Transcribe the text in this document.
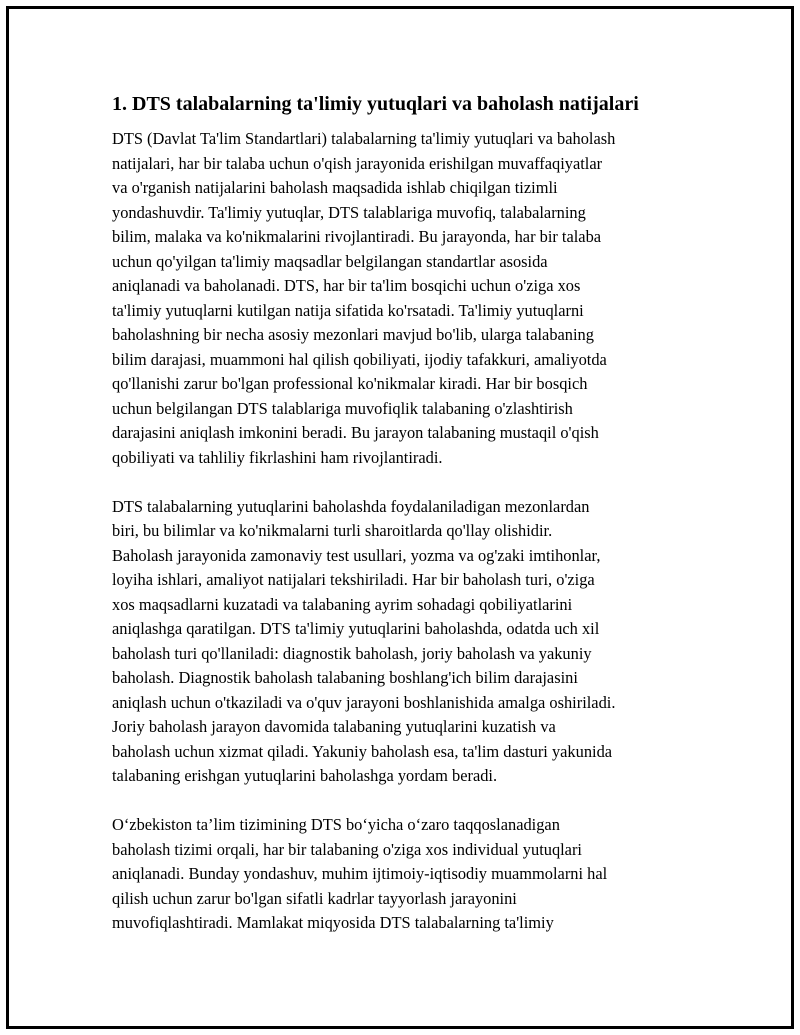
1. DTS talabalarning ta'limiy yutuqlari va baholash natijalari
DTS (Davlat Ta'lim Standartlari) talabalarning ta'limiy yutuqlari va baholash
natijalari, har bir talaba uchun o'qish jarayonida erishilgan muvaffaqiyatlar
va o'rganish natijalarini baholash maqsadida ishlab chiqilgan tizimli
yondashuvdir. Ta'limiy yutuqlar, DTS talablariga muvofiq, talabalarning
bilim, malaka va ko'nikmalarini rivojlantiradi. Bu jarayonda, har bir talaba
uchun qo'yilgan ta'limiy maqsadlar belgilangan standartlar asosida
aniqlanadi va baholanadi. DTS, har bir ta'lim bosqichi uchun o'ziga xos
ta'limiy yutuqlarni kutilgan natija sifatida ko'rsatadi. Ta'limiy yutuqlarni
baholashning bir necha asosiy mezonlari mavjud bo'lib, ularga talabaning
bilim darajasi, muammoni hal qilish qobiliyati, ijodiy tafakkuri, amaliyotda
qo'llanishi zarur bo'lgan professional ko'nikmalar kiradi. Har bir bosqich
uchun belgilangan DTS talablariga muvofiqlik talabaning o'zlashtirish
darajasini aniqlash imkonini beradi. Bu jarayon talabaning mustaqil o'qish
qobiliyati va tahliliy fikrlashini ham rivojlantiradi.
DTS talabalarning yutuqlarini baholashda foydalaniladigan mezonlardan
biri, bu bilimlar va ko'nikmalarni turli sharoitlarda qo'llay olishidir.
Baholash jarayonida zamonaviy test usullari, yozma va og'zaki imtihonlar,
loyiha ishlari, amaliyot natijalari tekshiriladi. Har bir baholash turi, o'ziga
xos maqsadlarni kuzatadi va talabaning ayrim sohadagi qobiliyatlarini
aniqlashga qaratilgan. DTS ta'limiy yutuqlarini baholashda, odatda uch xil
baholash turi qo'llaniladi: diagnostik baholash, joriy baholash va yakuniy
baholash. Diagnostik baholash talabaning boshlang'ich bilim darajasini
aniqlash uchun o'tkaziladi va o'quv jarayoni boshlanishida amalga oshiriladi.
Joriy baholash jarayon davomida talabaning yutuqlarini kuzatish va
baholash uchun xizmat qiladi. Yakuniy baholash esa, ta'lim dasturi yakunida
talabaning erishgan yutuqlarini baholashga yordam beradi.
O‘zbekiston ta’lim tizimining DTS bo‘yicha o‘zaro taqqoslanadigan
baholash tizimi orqali, har bir talabaning o'ziga xos individual yutuqlari
aniqlanadi. Bunday yondashuv, muhim ijtimoiy-iqtisodiy muammolarni hal
qilish uchun zarur bo'lgan sifatli kadrlar tayyorlash jarayonini
muvofiqlashtiradi. Mamlakat miqyosida DTS talabalarning ta'limiy
